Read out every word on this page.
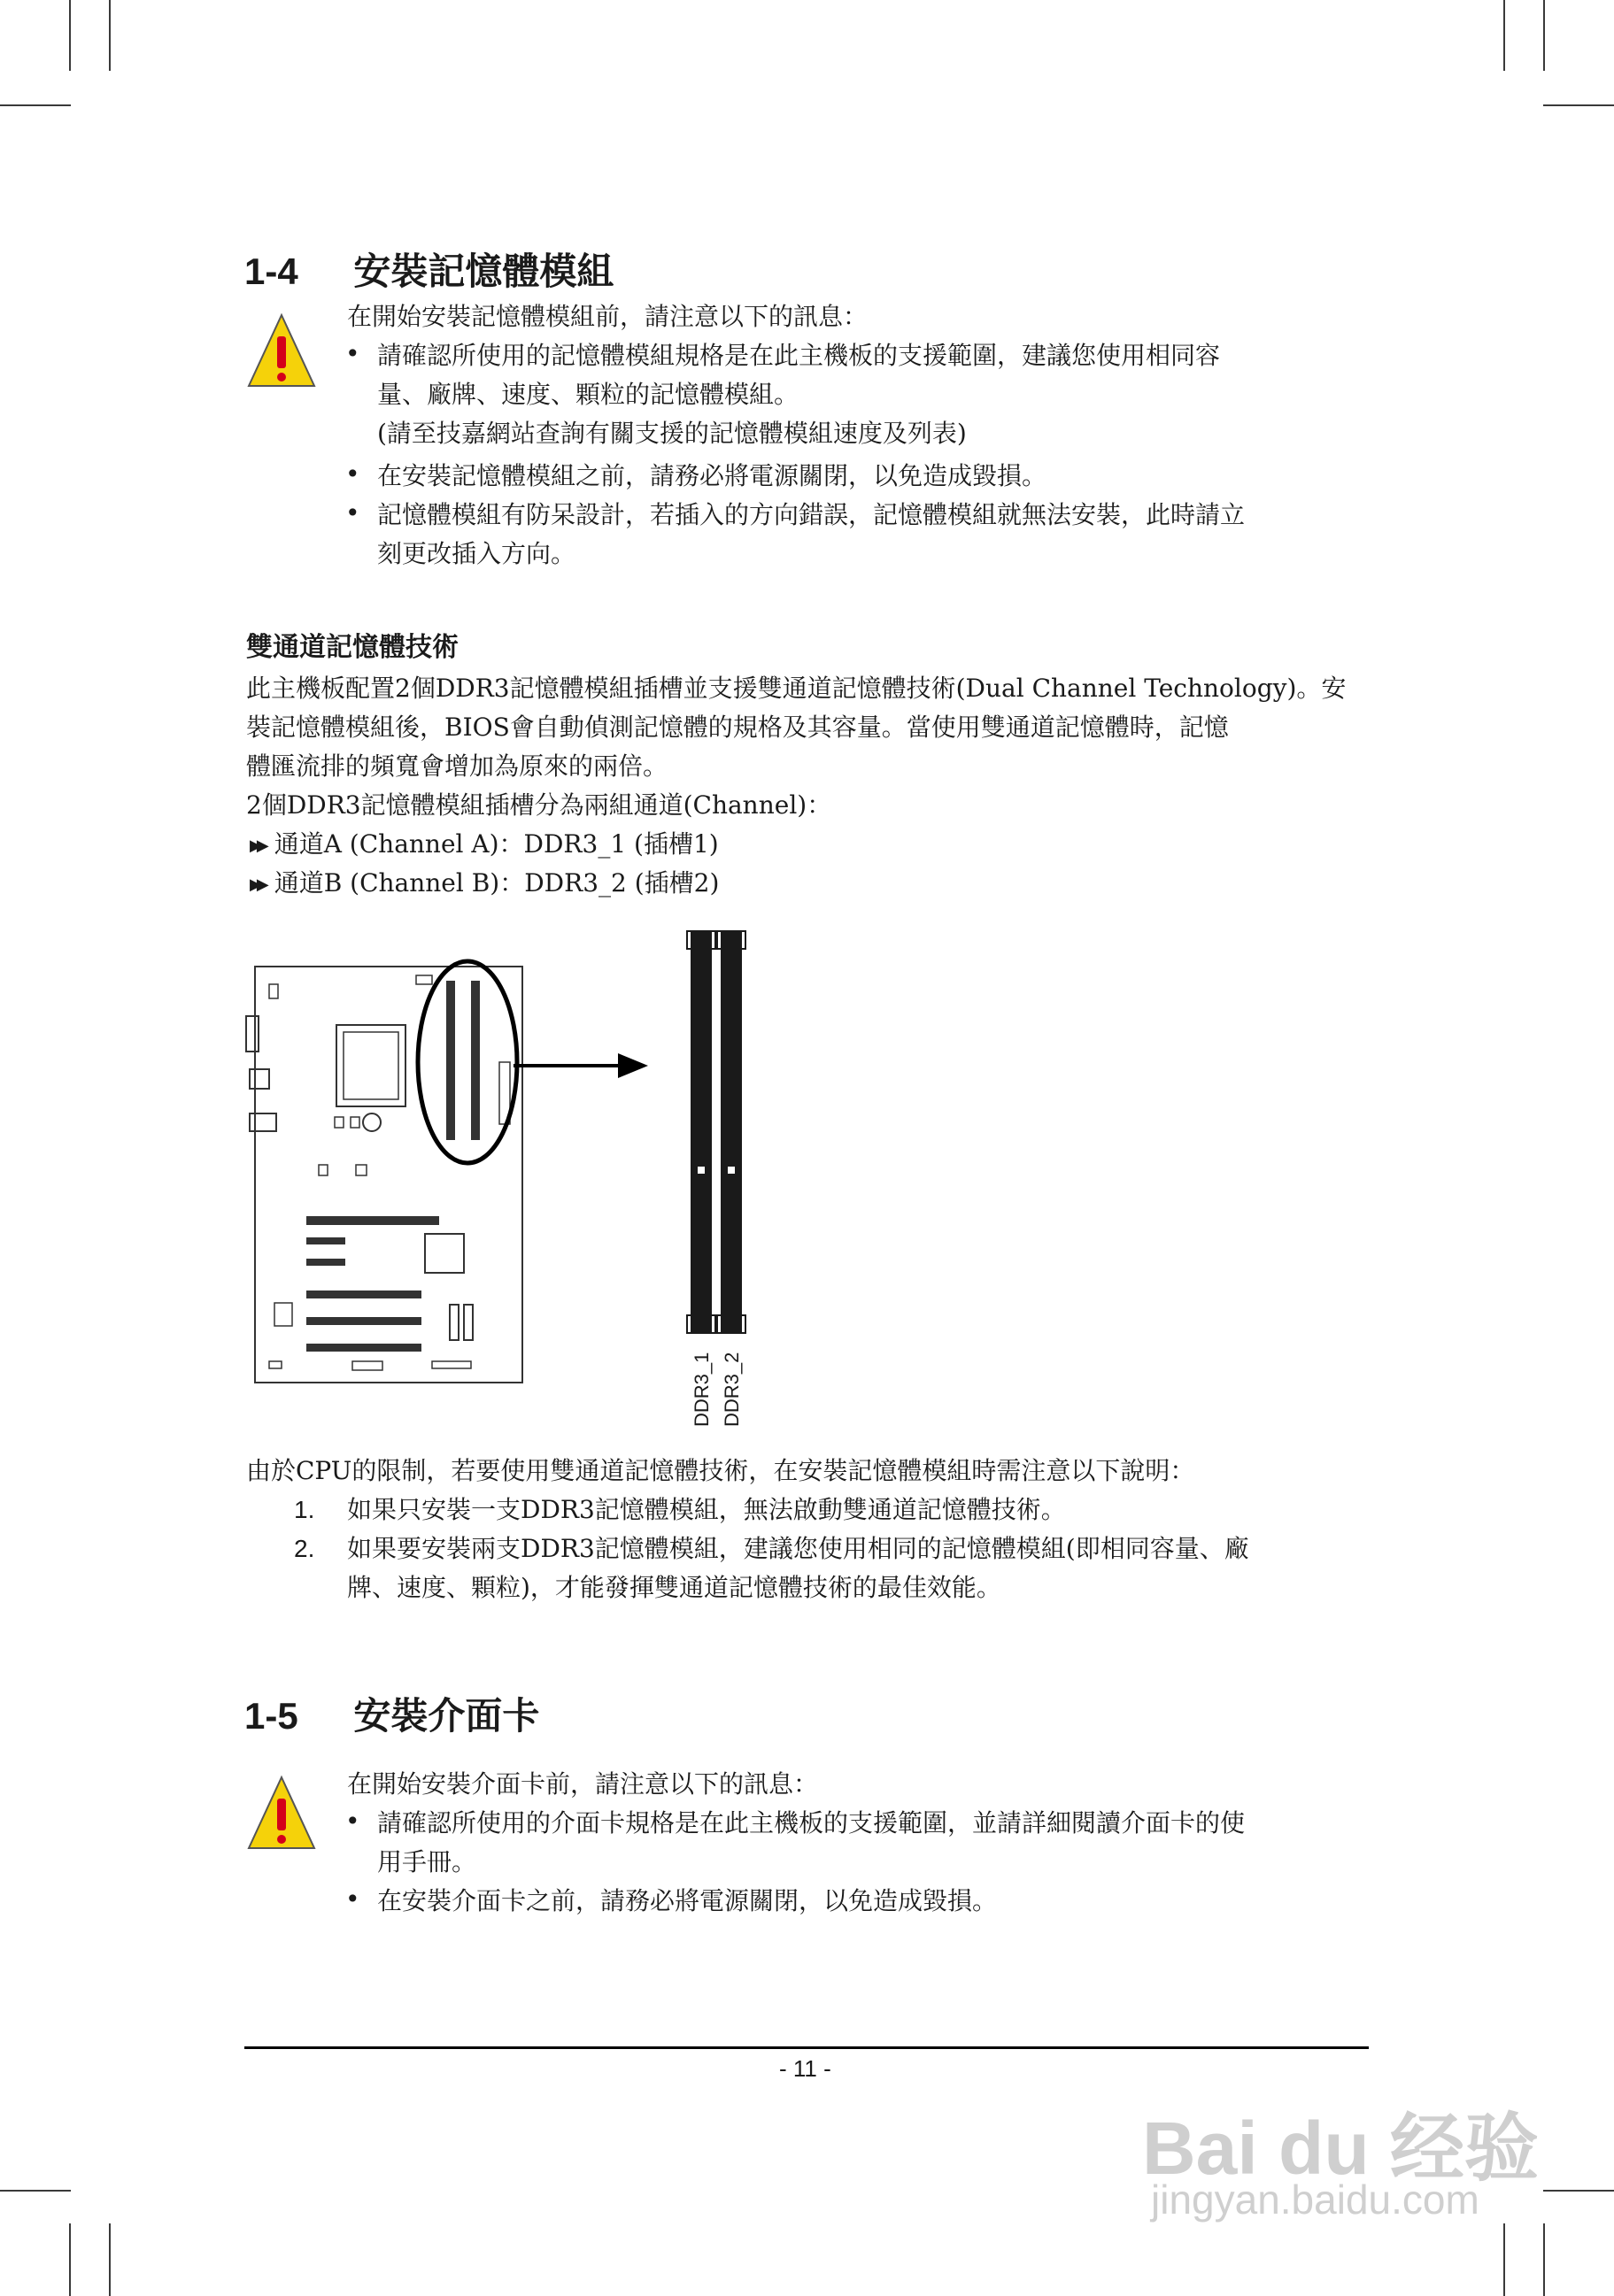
1-4 安裝記憶體模組
在開始安裝記憶體模組前，請注意以下的訊息：
• 請確認所使用的記憶體模組規格是在此主機板的支援範圍，建議您使用相同容
量、廠牌、速度、顆粒的記憶體模組。
(請至技嘉網站查詢有關支援的記憶體模組速度及列表)
• 在安裝記憶體模組之前，請務必將電源關閉，以免造成毀損。
• 記憶體模組有防呆設計，若插入的方向錯誤，記憶體模組就無法安裝，此時請立
刻更改插入方向。
雙通道記憶體技術
此主機板配置2個DDR3記憶體模組插槽並支援雙通道記憶體技術(Dual Channel Technology)。安
裝記憶體模組後，BIOS會自動偵測記憶體的規格及其容量。當使用雙通道記憶體時，記憶
體匯流排的頻寬會增加為原來的兩倍。
2個DDR3記憶體模組插槽分為兩組通道(Channel)：
▶▶ 通道A (Channel A)：DDR3_1 (插槽1)
▶▶ 通道B (Channel B)：DDR3_2 (插槽2)
DDR3_1 DDR3_2
由於CPU的限制，若要使用雙通道記憶體技術，在安裝記憶體模組時需注意以下說明：
1. 如果只安裝一支DDR3記憶體模組，無法啟動雙通道記憶體技術。
2. 如果要安裝兩支DDR3記憶體模組，建議您使用相同的記憶體模組(即相同容量、廠
牌、速度、顆粒)，才能發揮雙通道記憶體技術的最佳效能。
1-5 安裝介面卡
在開始安裝介面卡前，請注意以下的訊息：
• 請確認所使用的介面卡規格是在此主機板的支援範圍，並請詳細閱讀介面卡的使
用手冊。
• 在安裝介面卡之前，請務必將電源關閉，以免造成毀損。
- 11 -
Bai du 经验
jingyan.baidu.com
